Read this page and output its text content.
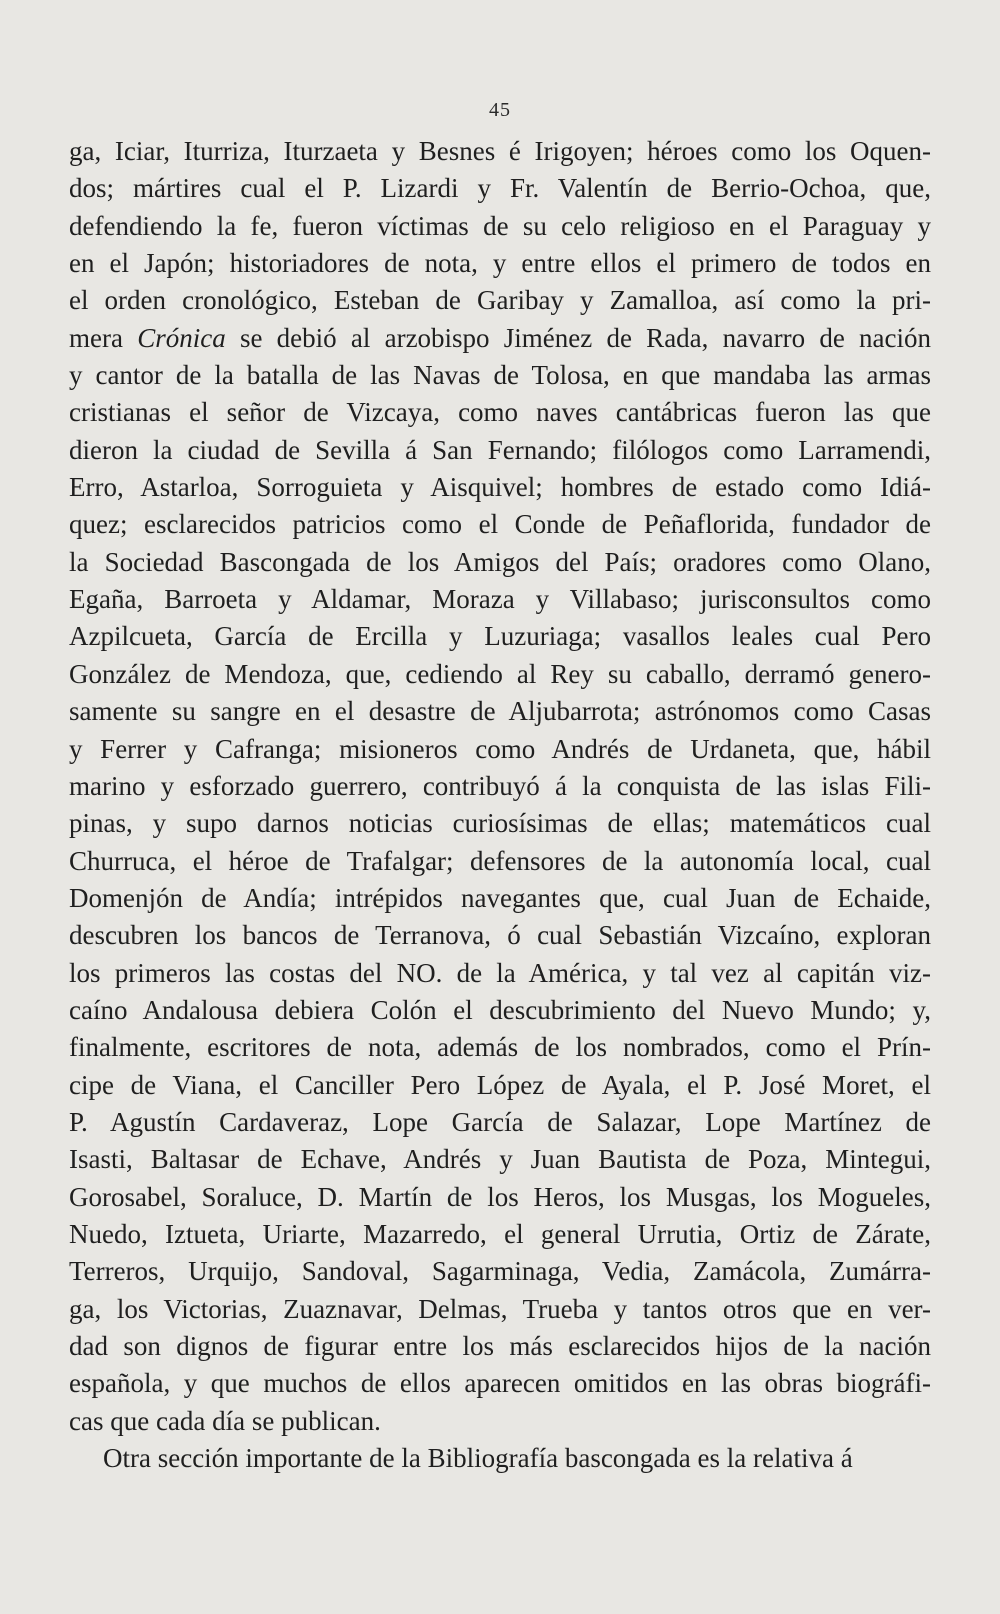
45
ga, Iciar, Iturriza, Iturzaeta y Besnes é Irigoyen; héroes como los Oquen-
dos; mártires cual el P. Lizardi y Fr. Valentín de Berrio-Ochoa, que,
defendiendo la fe, fueron víctimas de su celo religioso en el Paraguay y
en el Japón; historiadores de nota, y entre ellos el primero de todos en
el orden cronológico, Esteban de Garibay y Zamalloa, así como la pri-
mera Crónica se debió al arzobispo Jiménez de Rada, navarro de nación
y cantor de la batalla de las Navas de Tolosa, en que mandaba las armas
cristianas el señor de Vizcaya, como naves cantábricas fueron las que
dieron la ciudad de Sevilla á San Fernando; filólogos como Larramendi,
Erro, Astarloa, Sorroguieta y Aisquivel; hombres de estado como Idiá-
quez; esclarecidos patricios como el Conde de Peñaflorida, fundador de
la Sociedad Bascongada de los Amigos del País; oradores como Olano,
Egaña, Barroeta y Aldamar, Moraza y Villabaso; jurisconsultos como
Azpilcueta, García de Ercilla y Luzuriaga; vasallos leales cual Pero
González de Mendoza, que, cediendo al Rey su caballo, derramó genero-
samente su sangre en el desastre de Aljubarrota; astrónomos como Casas
y Ferrer y Cafranga; misioneros como Andrés de Urdaneta, que, hábil
marino y esforzado guerrero, contribuyó á la conquista de las islas Fili-
pinas, y supo darnos noticias curiosísimas de ellas; matemáticos cual
Churruca, el héroe de Trafalgar; defensores de la autonomía local, cual
Domenjón de Andía; intrépidos navegantes que, cual Juan de Echaide,
descubren los bancos de Terranova, ó cual Sebastián Vizcaíno, exploran
los primeros las costas del NO. de la América, y tal vez al capitán viz-
caíno Andalousa debiera Colón el descubrimiento del Nuevo Mundo; y,
finalmente, escritores de nota, además de los nombrados, como el Prín-
cipe de Viana, el Canciller Pero López de Ayala, el P. José Moret, el
P. Agustín Cardaveraz, Lope García de Salazar, Lope Martínez de
Isasti, Baltasar de Echave, Andrés y Juan Bautista de Poza, Mintegui,
Gorosabel, Soraluce, D. Martín de los Heros, los Musgas, los Mogueles,
Nuedo, Iztueta, Uriarte, Mazarredo, el general Urrutia, Ortiz de Zárate,
Terreros, Urquijo, Sandoval, Sagarminaga, Vedia, Zamácola, Zumárra-
ga, los Victorias, Zuaznavar, Delmas, Trueba y tantos otros que en ver-
dad son dignos de figurar entre los más esclarecidos hijos de la nación
española, y que muchos de ellos aparecen omitidos en las obras biográfi-
cas que cada día se publican.
Otra sección importante de la Bibliografía bascongada es la relativa á
